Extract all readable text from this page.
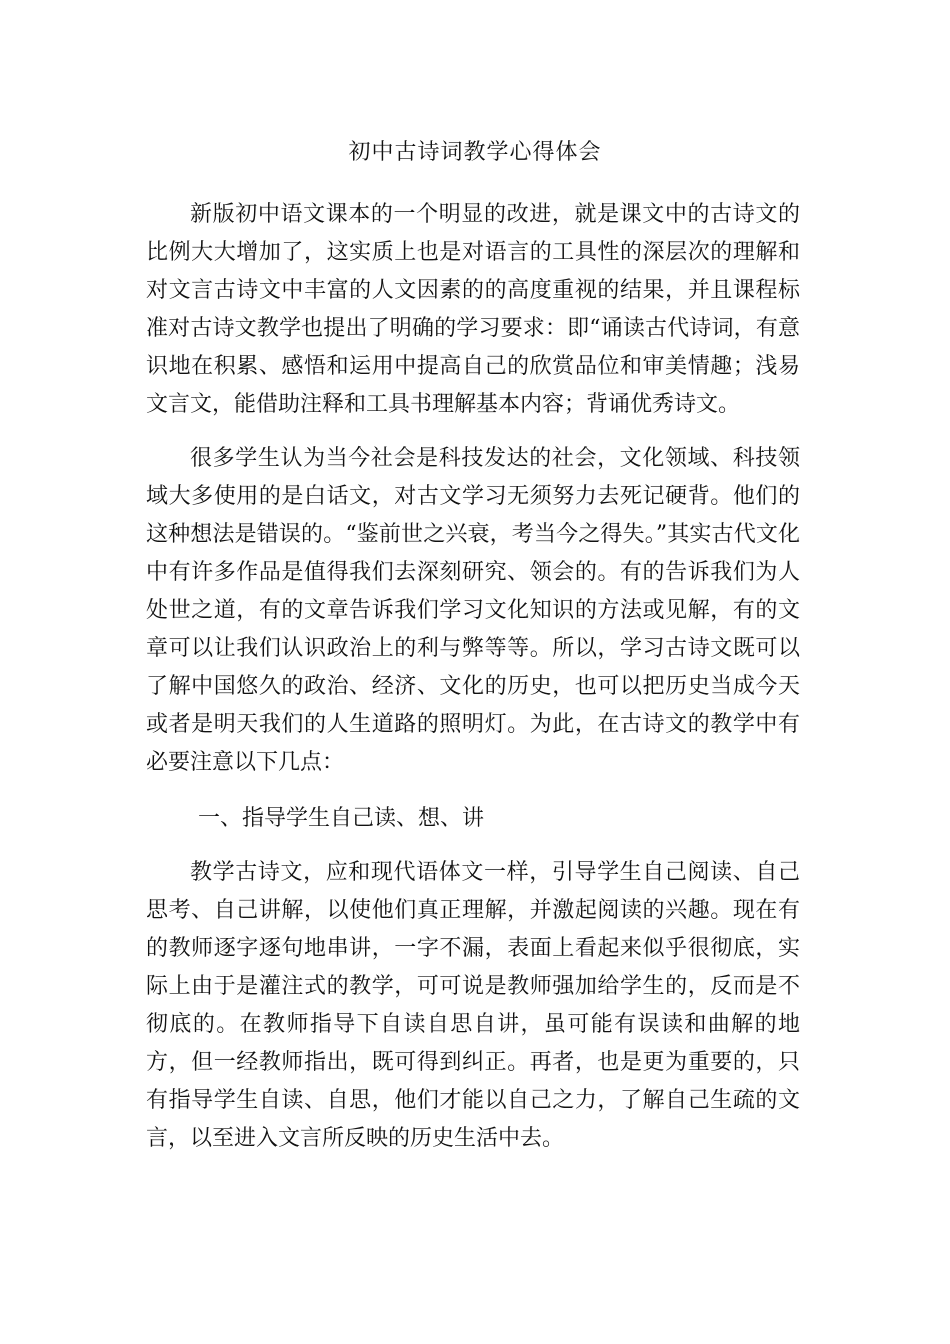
初中古诗词教学心得体会

新版初中语文课本的一个明显的改进，就是课文中的古诗文的比例大大增加了，这实质上也是对语言的工具性的深层次的理解和对文言古诗文中丰富的人文因素的的高度重视的结果，并且课程标准对古诗文教学也提出了明确的学习要求：即“诵读古代诗词，有意识地在积累、感悟和运用中提高自己的欣赏品位和审美情趣；浅易文言文，能借助注释和工具书理解基本内容；背诵优秀诗文。

很多学生认为当今社会是科技发达的社会，文化领域、科技领域大多使用的是白话文，对古文学习无须努力去死记硬背。他们的这种想法是错误的。“鉴前世之兴衰，考当今之得失。”其实古代文化中有许多作品是值得我们去深刻研究、领会的。有的告诉我们为人处世之道，有的文章告诉我们学习文化知识的方法或见解，有的文章可以让我们认识政治上的利与弊等等。所以，学习古诗文既可以了解中国悠久的政治、经济、文化的历史，也可以把历史当成今天或者是明天我们的人生道路的照明灯。为此，在古诗文的教学中有必要注意以下几点：

一、指导学生自己读、想、讲

教学古诗文，应和现代语体文一样，引导学生自己阅读、自己思考、自己讲解，以使他们真正理解，并激起阅读的兴趣。现在有的教师逐字逐句地串讲，一字不漏，表面上看起来似乎很彻底，实际上由于是灌注式的教学，可可说是教师强加给学生的，反而是不彻底的。在教师指导下自读自思自讲，虽可能有误读和曲解的地方，但一经教师指出，既可得到纠正。再者，也是更为重要的，只有指导学生自读、自思，他们才能以自己之力，了解自己生疏的文言，以至进入文言所反映的历史生活中去。
